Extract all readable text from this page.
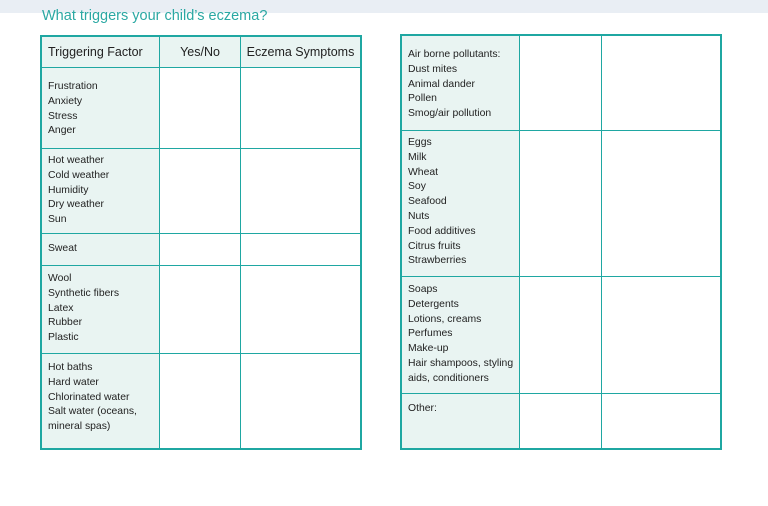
What triggers your child’s eczema?
Triggering Factor	Yes/No	Eczema Symptoms
Frustration
Anxiety
Stress
Anger
Hot weather
Cold weather
Humidity
Dry weather
Sun
Sweat
Wool
Synthetic fibers
Latex
Rubber
Plastic
Hot baths
Hard water
Chlorinated water
Salt water (oceans,
mineral spas)
Air borne pollutants:
Dust mites
Animal dander
Pollen
Smog/air pollution
Eggs
Milk
Wheat
Soy
Seafood
Nuts
Food additives
Citrus fruits
Strawberries
Soaps
Detergents
Lotions, creams
Perfumes
Make-up
Hair shampoos, styling
aids, conditioners
Other:
